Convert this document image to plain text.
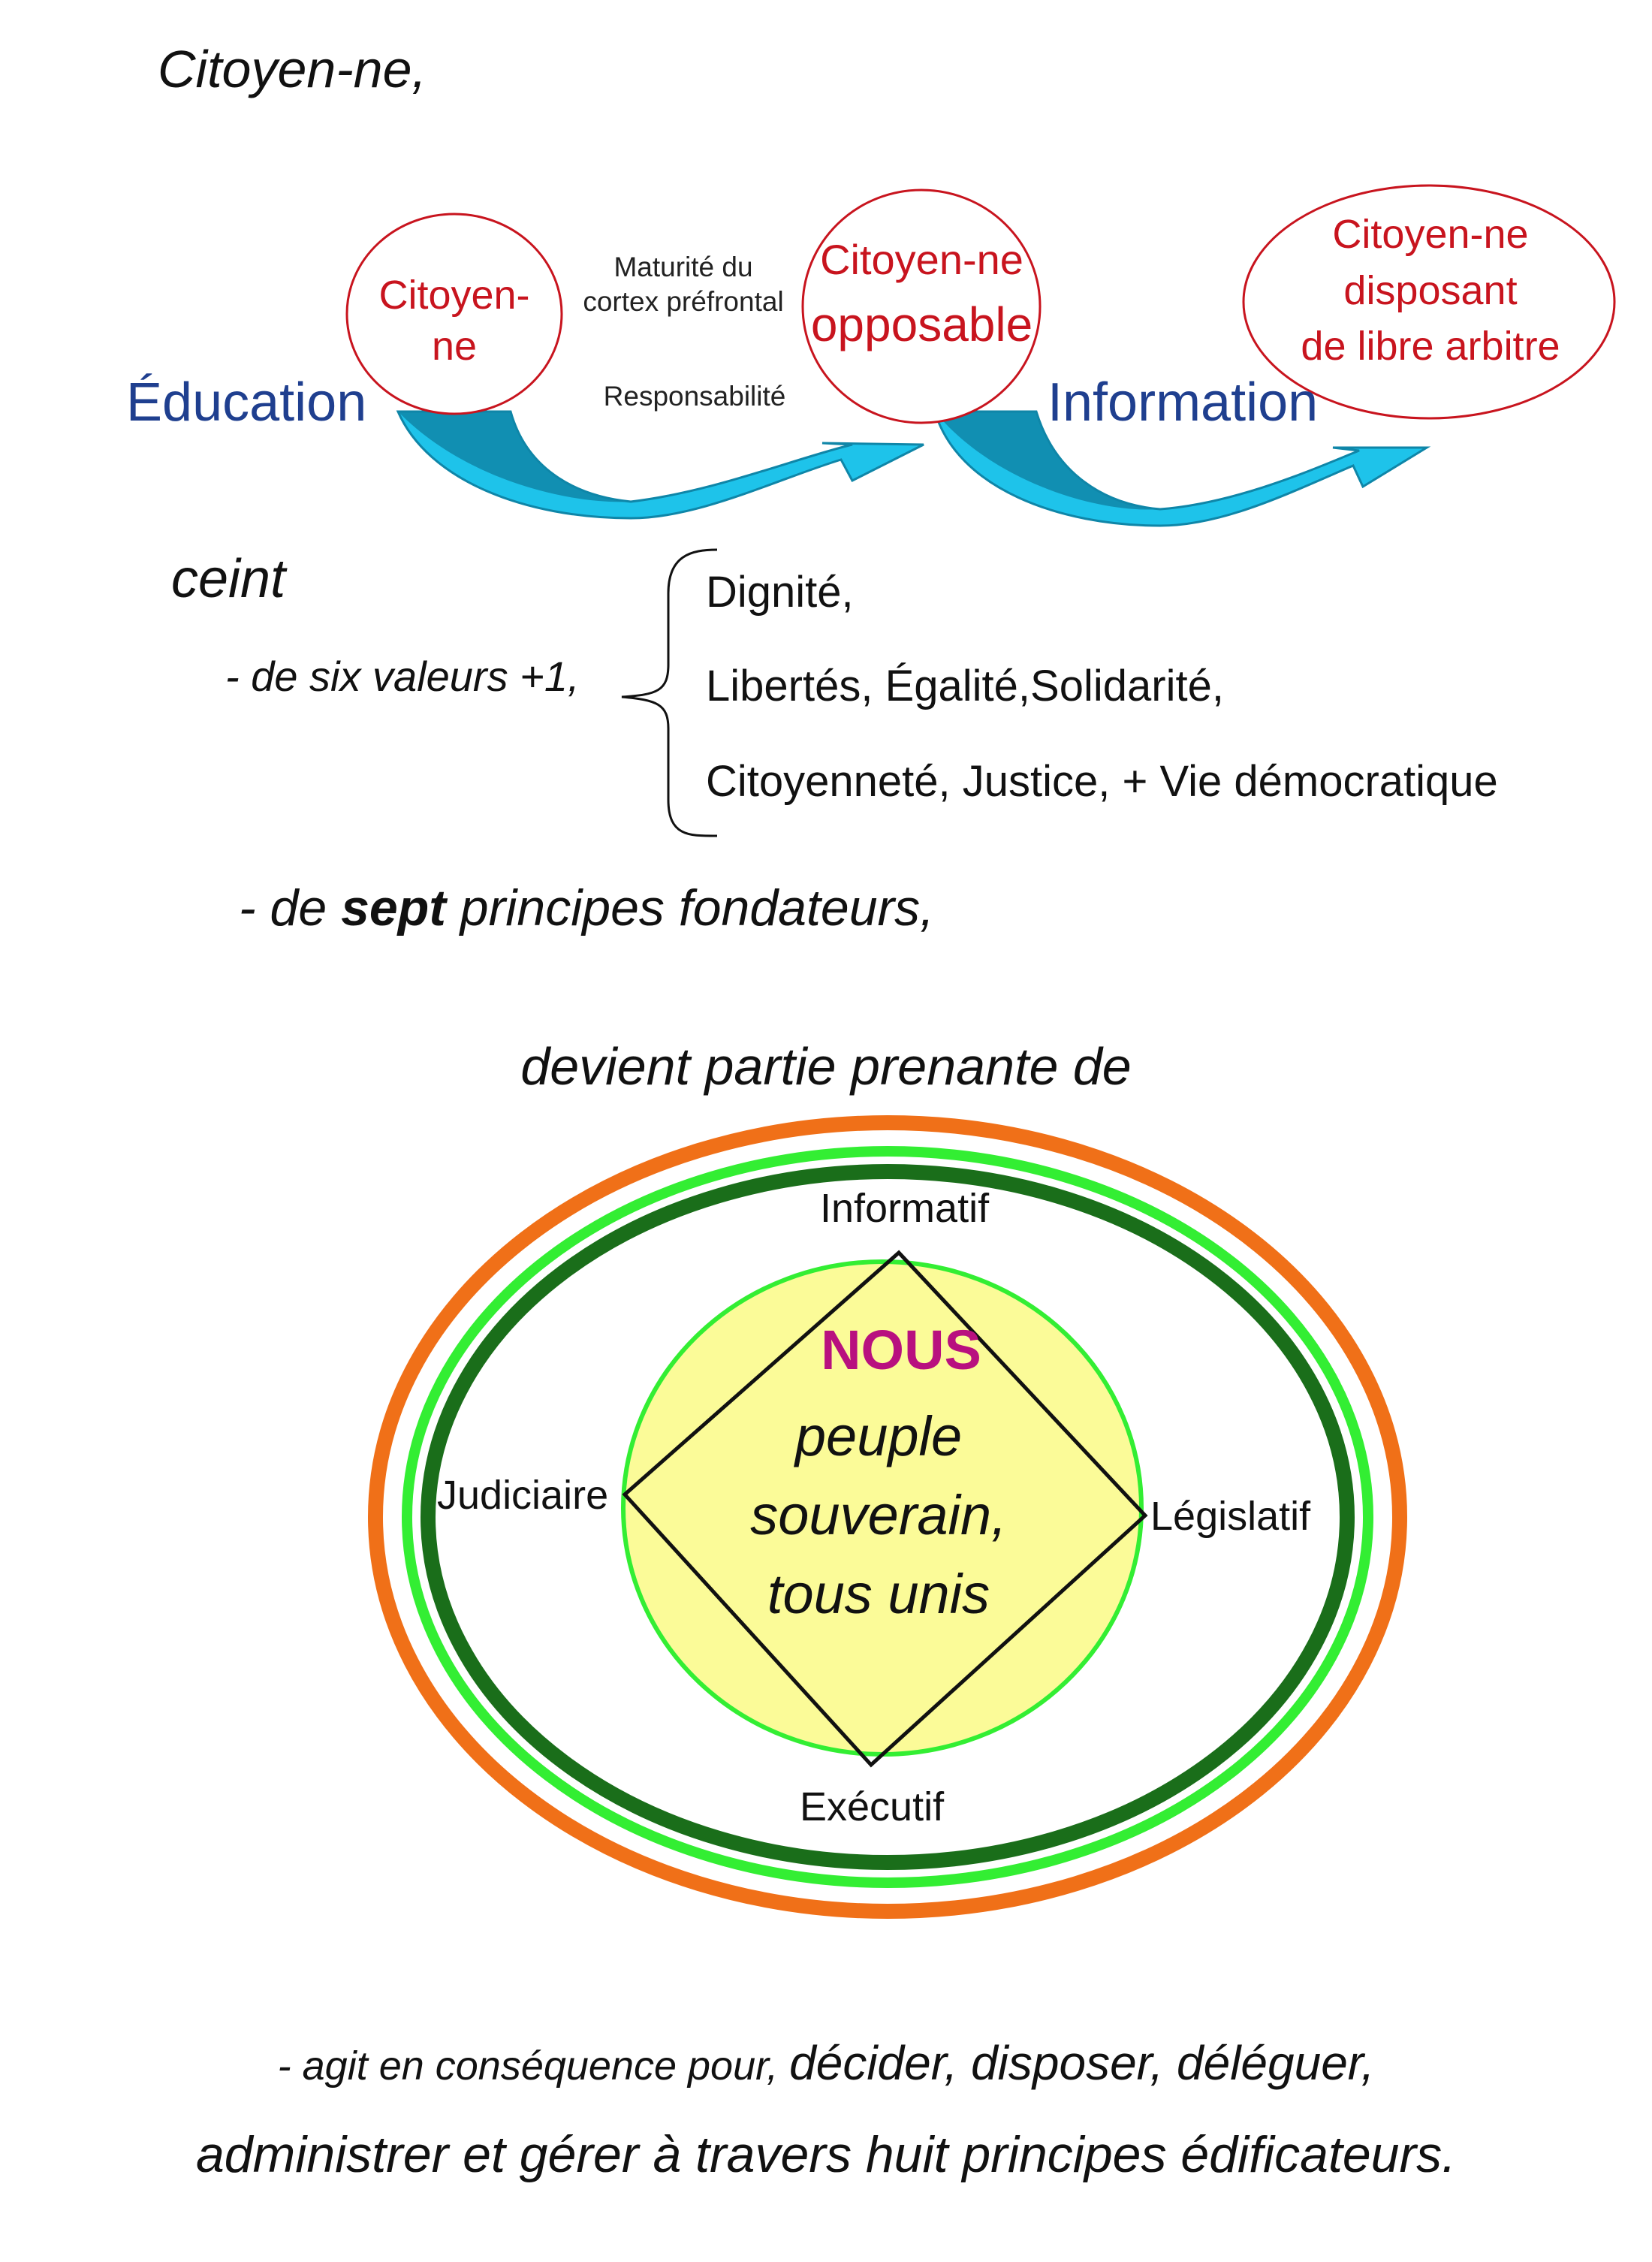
Citoyen-ne,
Éducation	Information
Citoyen-
ne
Citoyen-ne
opposable
Citoyen-ne
disposant
de libre arbitre
Maturité du
cortex préfrontal
Responsabilité
ceint
- de six valeurs +1,
Dignité,
Libertés, Égalité,Solidarité,
Citoyenneté, Justice, + Vie démocratique
- de sept principes fondateurs,
devient partie prenante de
Informatif
Judiciaire	Législatif
Exécutif
NOUS
peuple
souverain,
tous unis
- agit en conséquence pour, décider, disposer, déléguer,
administrer et gérer à travers huit principes édificateurs.
